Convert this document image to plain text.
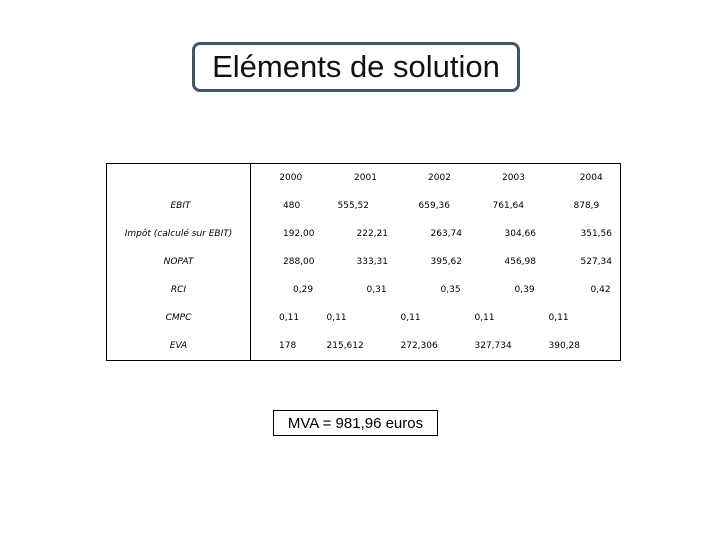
Eléments de solution
	2000	2001	2002	2003	2004
EBIT	480	555,52	659,36	761,64	878,9
Impôt (calculé sur EBIT)	192,00	222,21	263,74	304,66	351,56
NOPAT	288,00	333,31	395,62	456,98	527,34
RCI	0,29	0,31	0,35	0,39	0,42
CMPC	0,11	0,11	0,11	0,11	0,11
EVA	178	215,612	272,306	327,734	390,28
MVA = 981,96 euros
